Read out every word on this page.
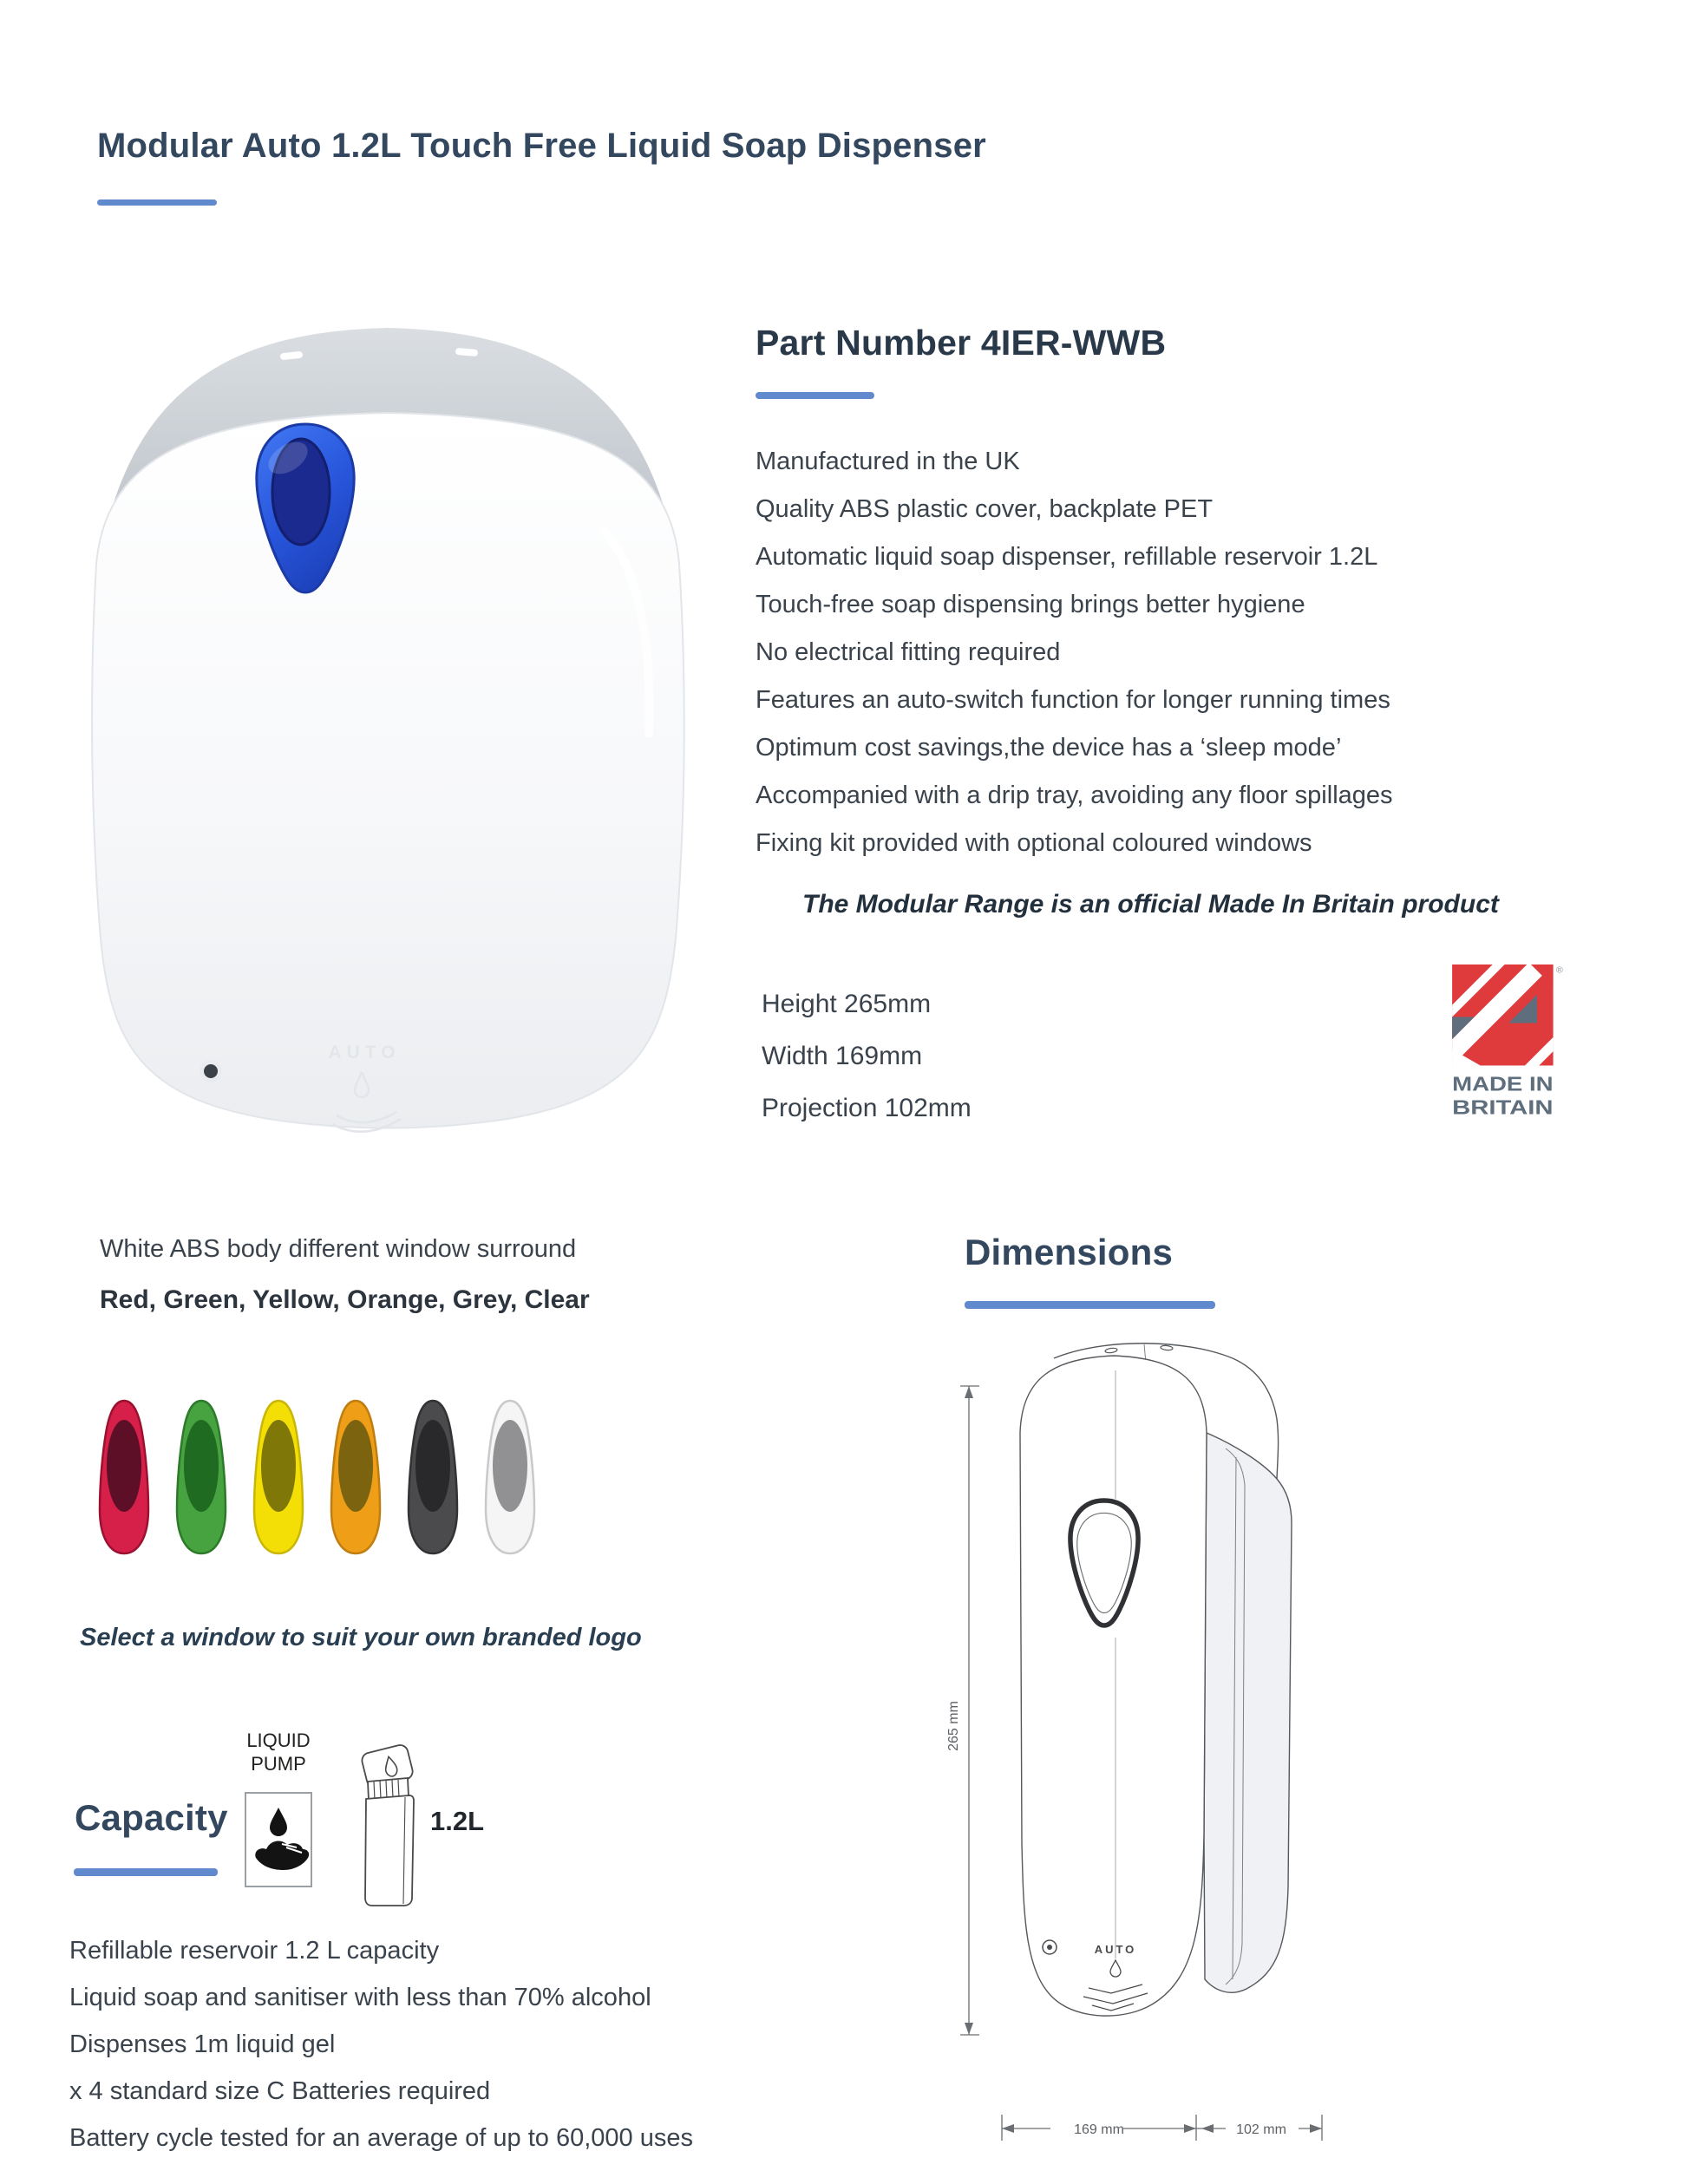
Modular Auto 1.2L Touch Free Liquid Soap Dispenser
AUTO
Part Number 4IER-WWB
Manufactured in the UK
Quality ABS plastic cover, backplate PET
Automatic liquid soap dispenser, refillable reservoir 1.2L
Touch-free soap dispensing brings better hygiene
No electrical fitting required
Features an auto-switch function for longer running times
Optimum cost savings,the device has a ‘sleep mode’
Accompanied with a drip tray, avoiding any floor spillages
Fixing kit provided with optional coloured windows
The Modular Range is an official Made In Britain product
Height 265mm
Width 169mm
Projection 102mm
®
MADE IN
BRITAIN
White ABS body different window surround
Red, Green, Yellow, Orange, Grey, Clear
Select a window to suit your own branded logo
Capacity
LIQUID
PUMP
1.2L
Refillable reservoir 1.2 L capacity
Liquid soap and sanitiser with less than 70% alcohol
Dispenses 1m liquid gel
x 4 standard size C Batteries required
Battery cycle tested for an average of up to 60,000 uses
Dimensions
AUTO
265 mm
169 mm	102 mm
